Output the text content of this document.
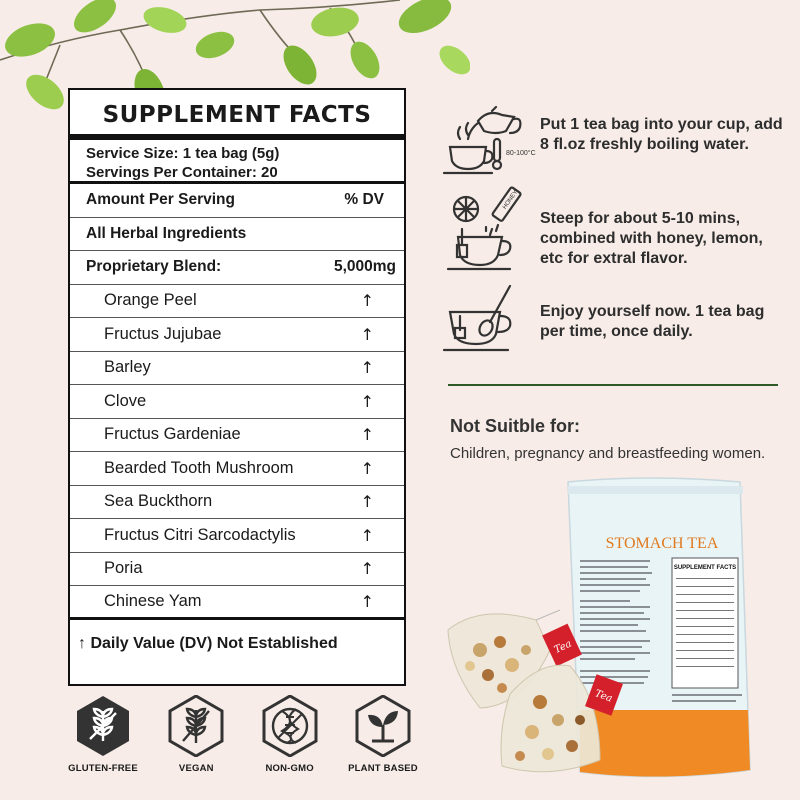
SUPPLEMENT FACTS
Service Size: 1 tea bag (5g)
Servings Per Container: 20
Amount Per Serving	% DV
All Herbal Ingredients
Proprietary Blend:	5,000mg
Orange Peel	↑
Fructus Jujubae	↑
Barley	↑
Clove	↑
Fructus Gardeniae	↑
Bearded Tooth Mushroom	↑
Sea Buckthorn	↑
Fructus Citri Sarcodactylis	↑
Poria	↑
Chinese Yam	↑
↑ Daily Value (DV) Not Established
GLUTEN-FREE	VEGAN	NON-GMO	PLANT BASED
80-100°C
Put 1 tea bag into your cup, add 8 fl.oz freshly boiling water.
HONEY
Steep for about 5-10 mins, combined with honey, lemon, etc for extral flavor.
Enjoy yourself now. 1 tea bag per time, once daily.
Not Suitble for:
Children, pregnancy and breastfeeding women.
STOMACH TEA
SUPPLEMENT FACTS
Tea
Tea
